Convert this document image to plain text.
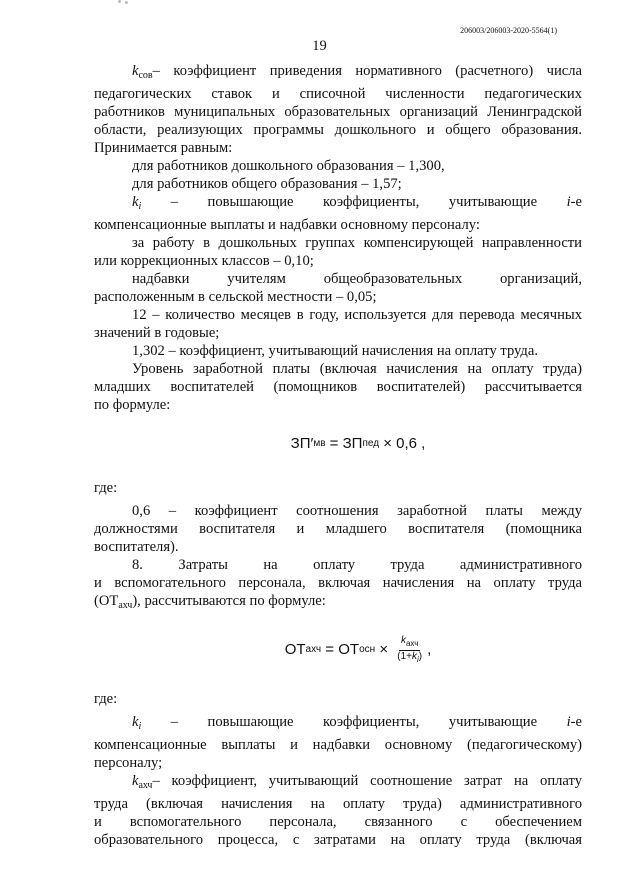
206003/206003-2020-5564(1)
19

$k_{сов}-$ коэффициент приведения нормативного (расчетного) числа

педагогических ставок и списочной численности педагогических

работников муниципальных образовательных организаций Ленинградской

области, реализующих программы дошкольного и общего образования.

Принимается равным:

для работников дошкольного образования – 1,300,

для работников общего образования – 1,57;

$k_i$ – повышающие коэффициенты, учитывающие i-е

компенсационные выплаты и надбавки основному персоналу:

за работу в дошкольных группах компенсирующей направленности

или коррекционных классов – 0,10;

надбавки учителям общеобразовательных организаций,

расположенным в сельской местности – 0,05;

12 – количество месяцев в году, используется для перевода месячных

значений в годовые;

1,302 – коэффициент, учитывающий начисления на оплату труда.

Уровень заработной платы (включая начисления на оплату труда)

младших воспитателей (помощников воспитателей) рассчитывается

по формуле:

ЗП′ мв = ЗП пед × 0,6 ,

где:

0,6 – коэффициент соотношения заработной платы между

должностями воспитателя и младшего воспитателя (помощника

воспитателя).

8. Затраты на оплату труда административного

и вспомогательного персонала, включая начисления на оплату труда

$(ОТ_{ахч})$, рассчитываются по формуле:

ОТ ахч = ОТ осн × $\frac{k_{ахч}}{(1+k_i)}$ ,

где:

$k_i$ – повышающие коэффициенты, учитывающие i-е

компенсационные выплаты и надбавки основному (педагогическому)

персоналу;

$k_{ахч}-$ коэффициент, учитывающий соотношение затрат на оплату

труда (включая начисления на оплату труда) административного

и вспомогательного персонала, связанного с обеспечением

образовательного процесса, с затратами на оплату труда (включая
